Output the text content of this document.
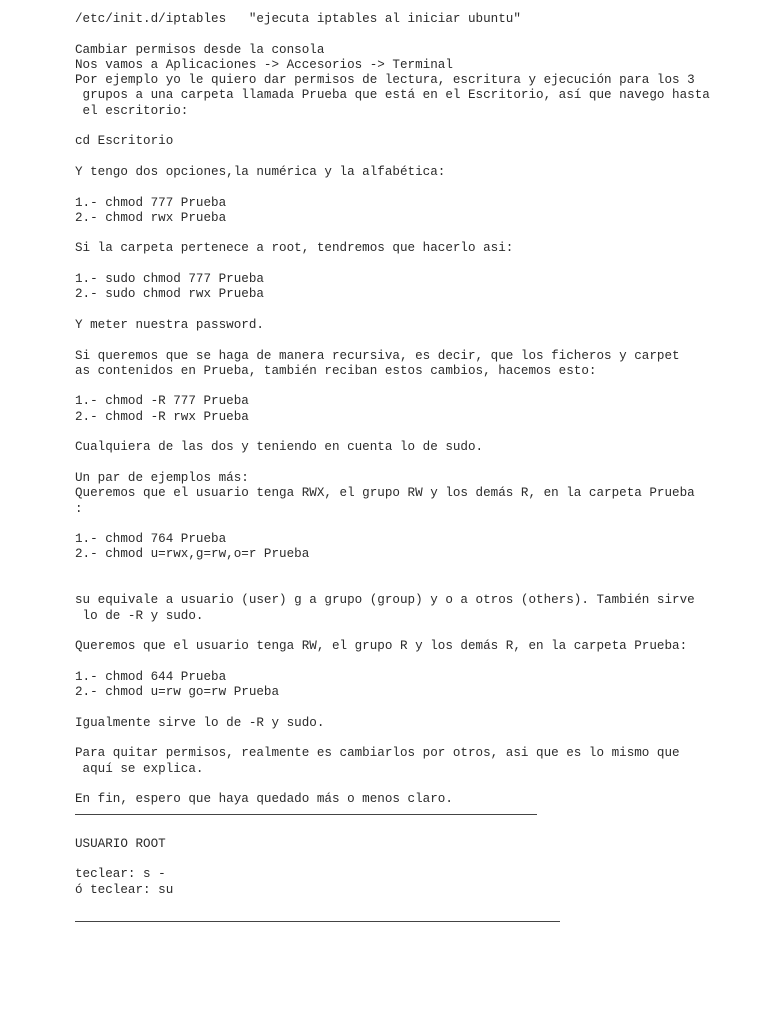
/etc/init.d/iptables   "ejecuta iptables al iniciar ubuntu"
Cambiar permisos desde la consola
Nos vamos a Aplicaciones -> Accesorios -> Terminal
Por ejemplo yo le quiero dar permisos de lectura, escritura y ejecución para los 3
grupos a una carpeta llamada Prueba que está en el Escritorio, así que navego hasta
el escritorio:
cd Escritorio
Y tengo dos opciones,la numérica y la alfabética:
1.- chmod 777 Prueba
2.- chmod rwx Prueba
Si la carpeta pertenece a root, tendremos que hacerlo asi:
1.- sudo chmod 777 Prueba
2.- sudo chmod rwx Prueba
Y meter nuestra password.
Si queremos que se haga de manera recursiva, es decir, que los ficheros y carpet
as contenidos en Prueba, también reciban estos cambios, hacemos esto:
1.- chmod -R 777 Prueba
2.- chmod -R rwx Prueba
Cualquiera de las dos y teniendo en cuenta lo de sudo.
Un par de ejemplos más:
Queremos que el usuario tenga RWX, el grupo RW y los demás R, en la carpeta Prueba
:
1.- chmod 764 Prueba
2.- chmod u=rwx,g=rw,o=r Prueba
su equivale a usuario (user) g a grupo (group) y o a otros (others). También sirve
lo de -R y sudo.
Queremos que el usuario tenga RW, el grupo R y los demás R, en la carpeta Prueba:
1.- chmod 644 Prueba
2.- chmod u=rw go=rw Prueba
Igualmente sirve lo de -R y sudo.
Para quitar permisos, realmente es cambiarlos por otros, asi que es lo mismo que
aquí se explica.
En fin, espero que haya quedado más o menos claro.
USUARIO ROOT
teclear: s -
ó teclear: su
